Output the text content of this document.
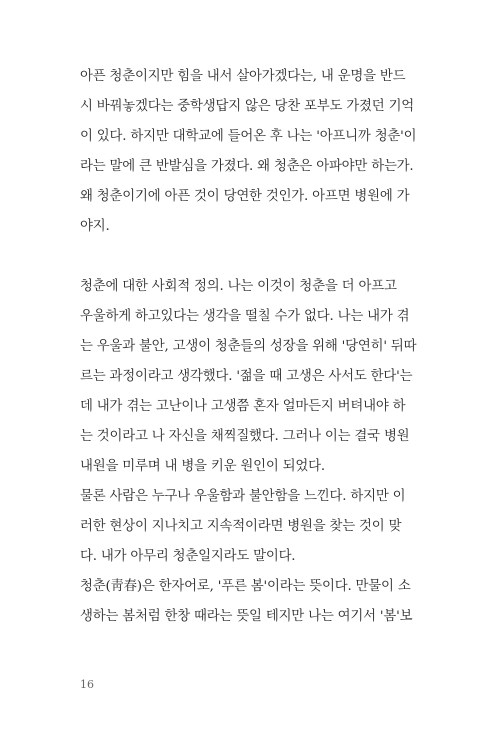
아픈 청춘이지만 힘을 내서 살아가겠다는, 내 운명을 반드
시 바꿔놓겠다는 중학생답지 않은 당찬 포부도 가졌던 기억
이 있다. 하지만 대학교에 들어온 후 나는 '아프니까 청춘'이
라는 말에 큰 반발심을 가졌다. 왜 청춘은 아파야만 하는가.
왜 청춘이기에 아픈 것이 당연한 것인가. 아프면 병원에 가
야지.
청춘에 대한 사회적 정의. 나는 이것이 청춘을 더 아프고
우울하게 하고있다는 생각을 떨칠 수가 없다. 나는 내가 겪
는 우울과 불안, 고생이 청춘들의 성장을 위해 '당연히' 뒤따
르는 과정이라고 생각했다. '젊을 때 고생은 사서도 한다'는
데 내가 겪는 고난이나 고생쯤 혼자 얼마든지 버텨내야 하
는 것이라고 나 자신을 채찍질했다. 그러나 이는 결국 병원
내원을 미루며 내 병을 키운 원인이 되었다.
물론 사람은 누구나 우울함과 불안함을 느낀다. 하지만 이
러한 현상이 지나치고 지속적이라면 병원을 찾는 것이 맞
다. 내가 아무리 청춘일지라도 말이다.
청춘(靑春)은 한자어로, '푸른 봄'이라는 뜻이다. 만물이 소
생하는 봄처럼 한창 때라는 뜻일 테지만 나는 여기서 '봄'보
16
